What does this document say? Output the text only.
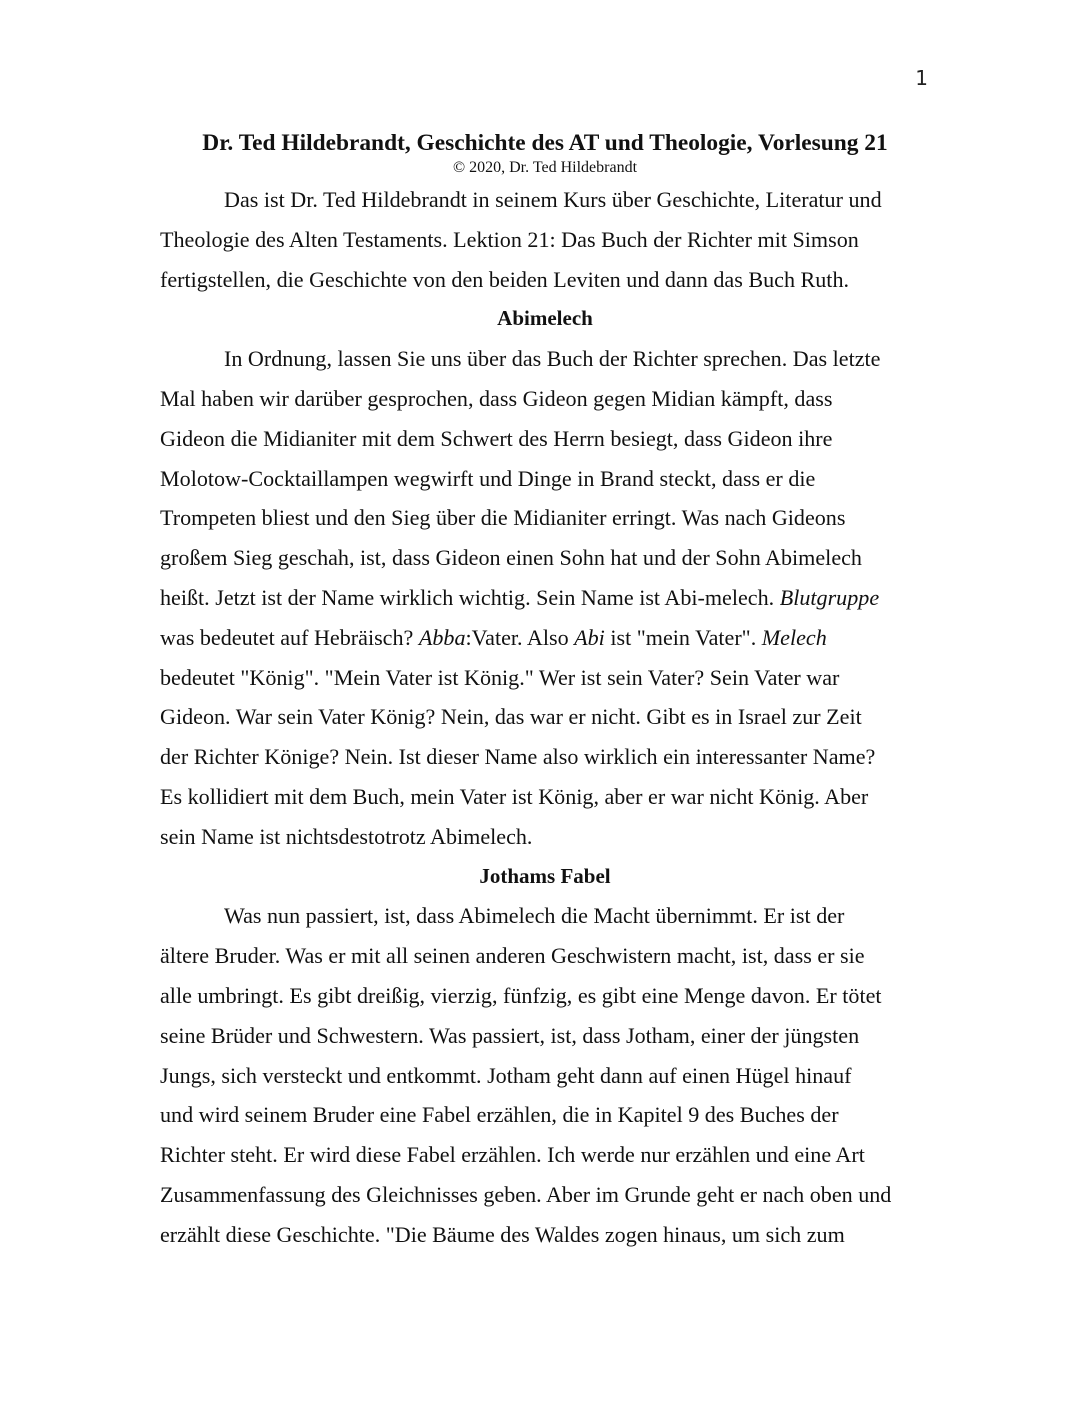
1
Dr. Ted Hildebrandt, Geschichte des AT und Theologie, Vorlesung 21

© 2020, Dr. Ted Hildebrandt

Das ist Dr. Ted Hildebrandt in seinem Kurs über Geschichte, Literatur und
Theologie des Alten Testaments. Lektion 21: Das Buch der Richter mit Simson
fertigstellen, die Geschichte von den beiden Leviten und dann das Buch Ruth.

Abimelech

In Ordnung, lassen Sie uns über das Buch der Richter sprechen. Das letzte
Mal haben wir darüber gesprochen, dass Gideon gegen Midian kämpft, dass
Gideon die Midianiter mit dem Schwert des Herrn besiegt, dass Gideon ihre
Molotow-Cocktaillampen wegwirft und Dinge in Brand steckt, dass er die
Trompeten bliest und den Sieg über die Midianiter erringt. Was nach Gideons
großem Sieg geschah, ist, dass Gideon einen Sohn hat und der Sohn Abimelech
heißt. Jetzt ist der Name wirklich wichtig. Sein Name ist Abi-melech. Blutgruppe
was bedeutet auf Hebräisch? Abba:Vater. Also Abi ist "mein Vater". Melech
bedeutet "König". "Mein Vater ist König." Wer ist sein Vater? Sein Vater war
Gideon. War sein Vater König? Nein, das war er nicht. Gibt es in Israel zur Zeit
der Richter Könige? Nein. Ist dieser Name also wirklich ein interessanter Name?
Es kollidiert mit dem Buch, mein Vater ist König, aber er war nicht König. Aber
sein Name ist nichtsdestotrotz Abimelech.

Jothams Fabel

Was nun passiert, ist, dass Abimelech die Macht übernimmt. Er ist der
ältere Bruder. Was er mit all seinen anderen Geschwistern macht, ist, dass er sie
alle umbringt. Es gibt dreißig, vierzig, fünfzig, es gibt eine Menge davon. Er tötet
seine Brüder und Schwestern. Was passiert, ist, dass Jotham, einer der jüngsten
Jungs, sich versteckt und entkommt. Jotham geht dann auf einen Hügel hinauf
und wird seinem Bruder eine Fabel erzählen, die in Kapitel 9 des Buches der
Richter steht. Er wird diese Fabel erzählen. Ich werde nur erzählen und eine Art
Zusammenfassung des Gleichnisses geben. Aber im Grunde geht er nach oben und
erzählt diese Geschichte. "Die Bäume des Waldes zogen hinaus, um sich zum
